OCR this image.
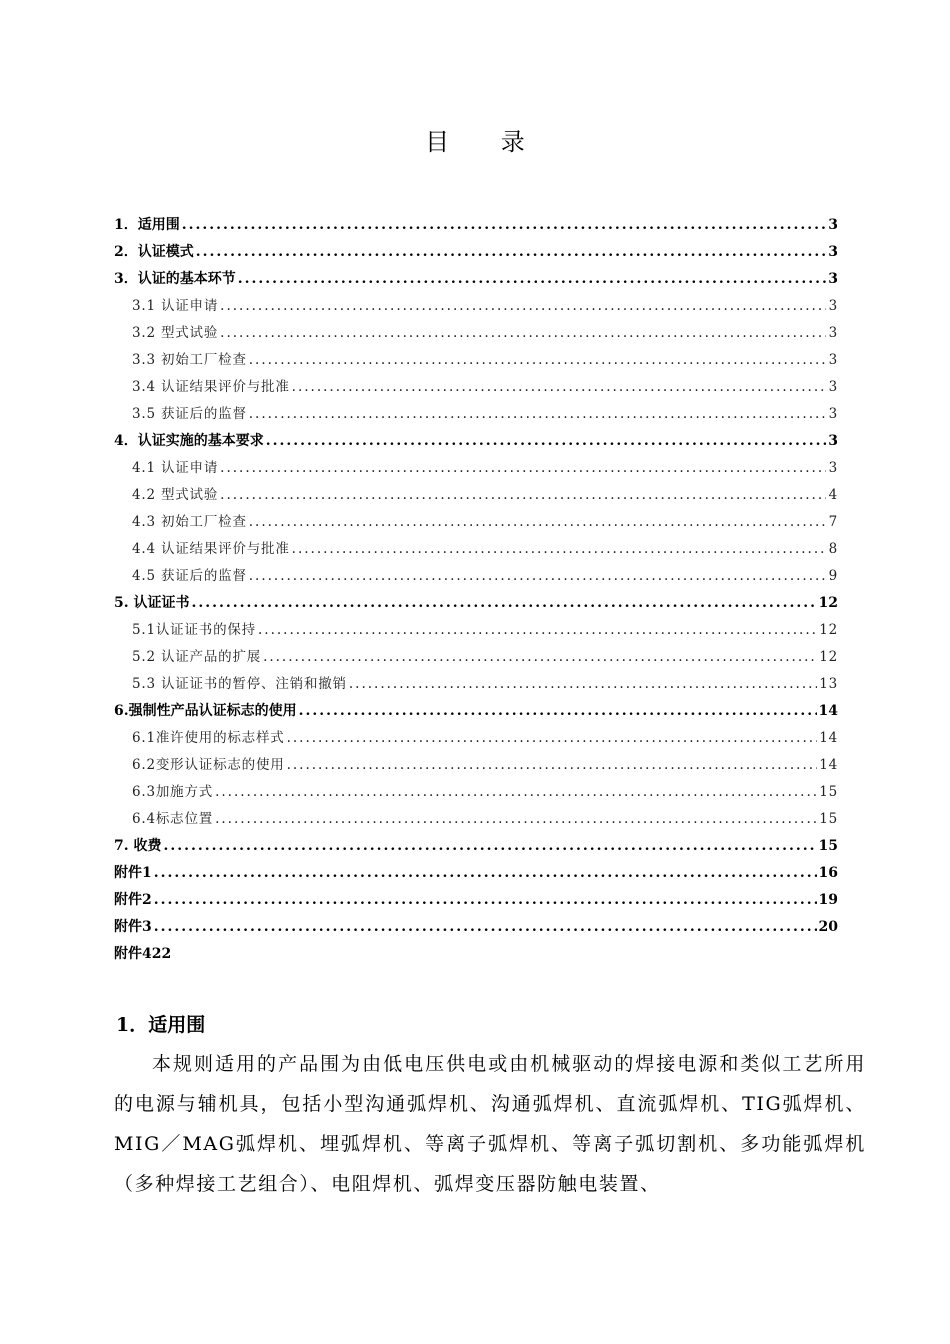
目 录
1．适用围 .....	3
2．认证模式 .....	3
3．认证的基本环节 .....	3
3.1 认证申请 .....	3
3.2 型式试验 .....	3
3.3 初始工厂检查 .....	3
3.4 认证结果评价与批准 .....	3
3.5 获证后的监督 .....	3
4．认证实施的基本要求 .....	3
4.1 认证申请 .....	3
4.2 型式试验 .....	4
4.3 初始工厂检查 .....	7
4.4 认证结果评价与批准 .....	8
4.5 获证后的监督 .....	9
5. 认证证书 .....	12
5.1认证证书的保持 .....	12
5.2 认证产品的扩展 .....	12
5.3 认证证书的暂停、注销和撤销 .....	13
6.强制性产品认证标志的使用 .....	14
6.1准许使用的标志样式 .....	14
6.2变形认证标志的使用 .....	14
6.3加施方式 .....	15
6.4标志位置 .....	15
7. 收费 .....	15
附件1 .....	16
附件2 .....	19
附件3 .....	20
附件422
1．适用围
本规则适用的产品围为由低电压供电或由机械驱动的焊接电源和类似工艺所用的电源与辅机具，包括小型沟通弧焊机、沟通弧焊机、直流弧焊机、TIG弧焊机、MIG／MAG弧焊机、埋弧焊机、等离子弧焊机、等离子弧切割机、多功能弧焊机（多种焊接工艺组合）、电阻焊机、弧焊变压器防触电装置、
